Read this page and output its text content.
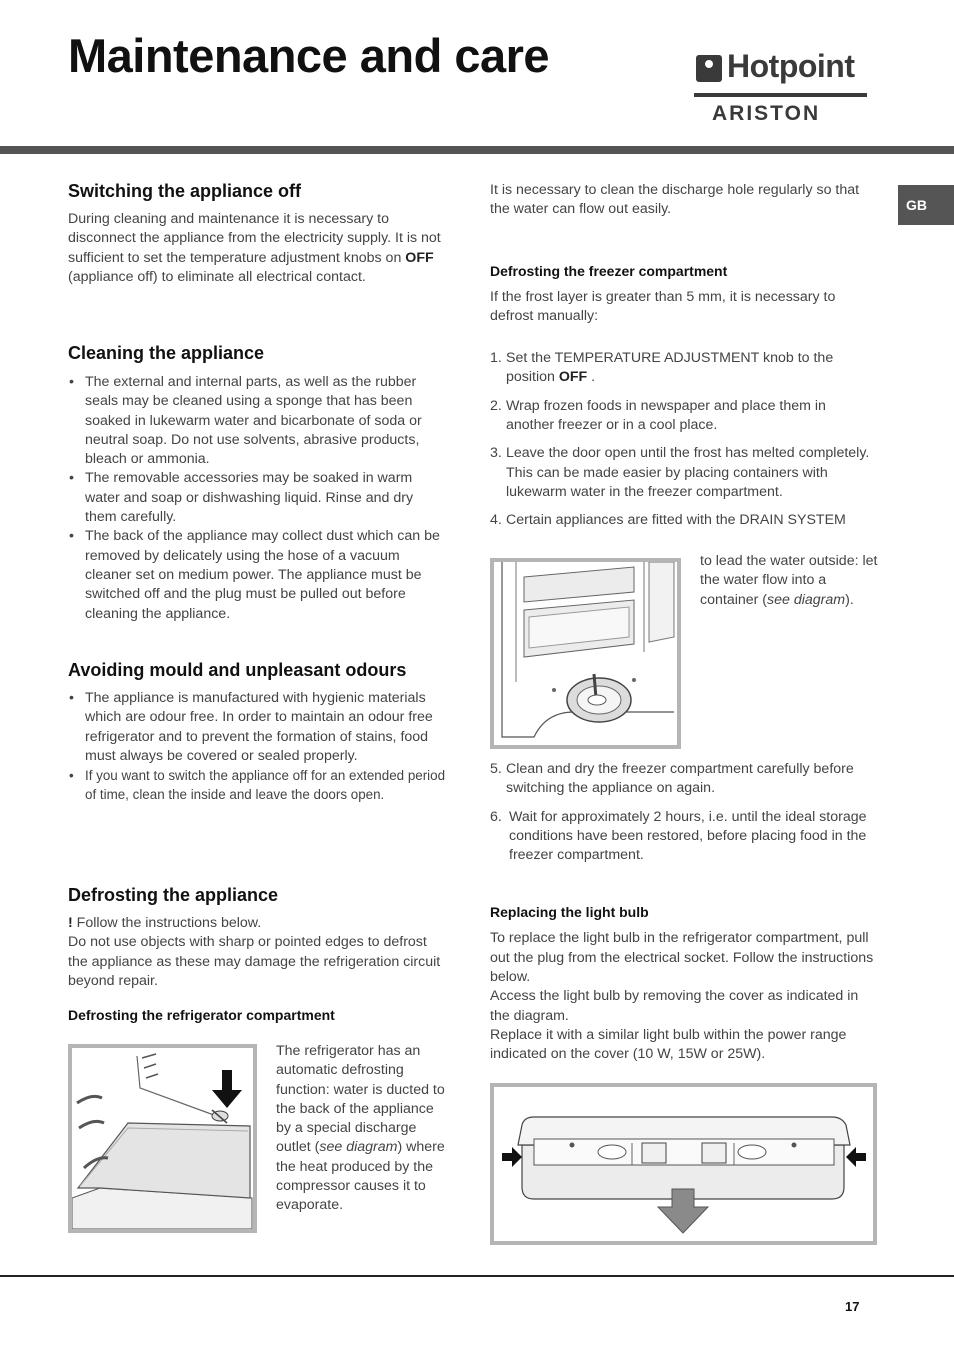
Maintenance and care	Hotpoint
ARISTON
GB
Switching the appliance off

During cleaning and maintenance it is necessary to disconnect the appliance from the electricity supply. It is not sufficient to set the temperature adjustment knobs on OFF (appliance off) to eliminate all electrical contact.

Cleaning the appliance
• The external and internal parts, as well as the rubber seals may be cleaned using a sponge that has been soaked in lukewarm water and bicarbonate of soda or neutral soap. Do not use solvents, abrasive products, bleach or ammonia.
• The removable accessories may be soaked in warm water and soap or dishwashing liquid. Rinse and dry them carefully.
• The back of the appliance may collect dust which can be removed by delicately using the hose of a vacuum cleaner set on medium power. The appliance must be switched off and the plug must be pulled out before cleaning the appliance.
Avoiding mould and unpleasant odours
• The appliance is manufactured with hygienic materials which are odour free. In order to maintain an odour free refrigerator and to prevent the formation of stains, food must always be covered or sealed properly.
• If you want to switch the appliance off for an extended period of time, clean the inside and leave the doors open.
Defrosting the appliance

! Follow the instructions below.

Do not use objects with sharp or pointed edges to defrost the appliance as these may damage the refrigeration circuit beyond repair.

Defrosting the refrigerator compartment

The refrigerator has an automatic defrosting function: water is ducted to the back of the appliance by a special discharge outlet (see diagram) where the heat produced by the compressor causes it to evaporate.

It is necessary to clean the discharge hole regularly so that the water can flow out easily.

Defrosting the freezer compartment

If the frost layer is greater than 5 mm, it is necessary to defrost manually:

1. Set the TEMPERATURE ADJUSTMENT knob to the position OFF .
2. Wrap frozen foods in newspaper and place them in another freezer or in a cool place.
3. Leave the door open until the frost has melted completely. This can be made easier by placing containers with lukewarm water in the freezer compartment.
4. Certain appliances are fitted with the DRAIN SYSTEM

to lead the water outside: let the water flow into a container (see diagram).

5. Clean and dry the freezer compartment carefully before switching the appliance on again.
6. Wait for approximately 2 hours, i.e. until the ideal storage conditions have been restored, before placing food in the freezer compartment.
Replacing the light bulb

To replace the light bulb in the refrigerator compartment, pull out the plug from the electrical socket. Follow the instructions below.

Access the light bulb by removing the cover as indicated in the diagram.

Replace it with a similar light bulb within the power range indicated on the cover (10 W, 15W or 25W).

17
